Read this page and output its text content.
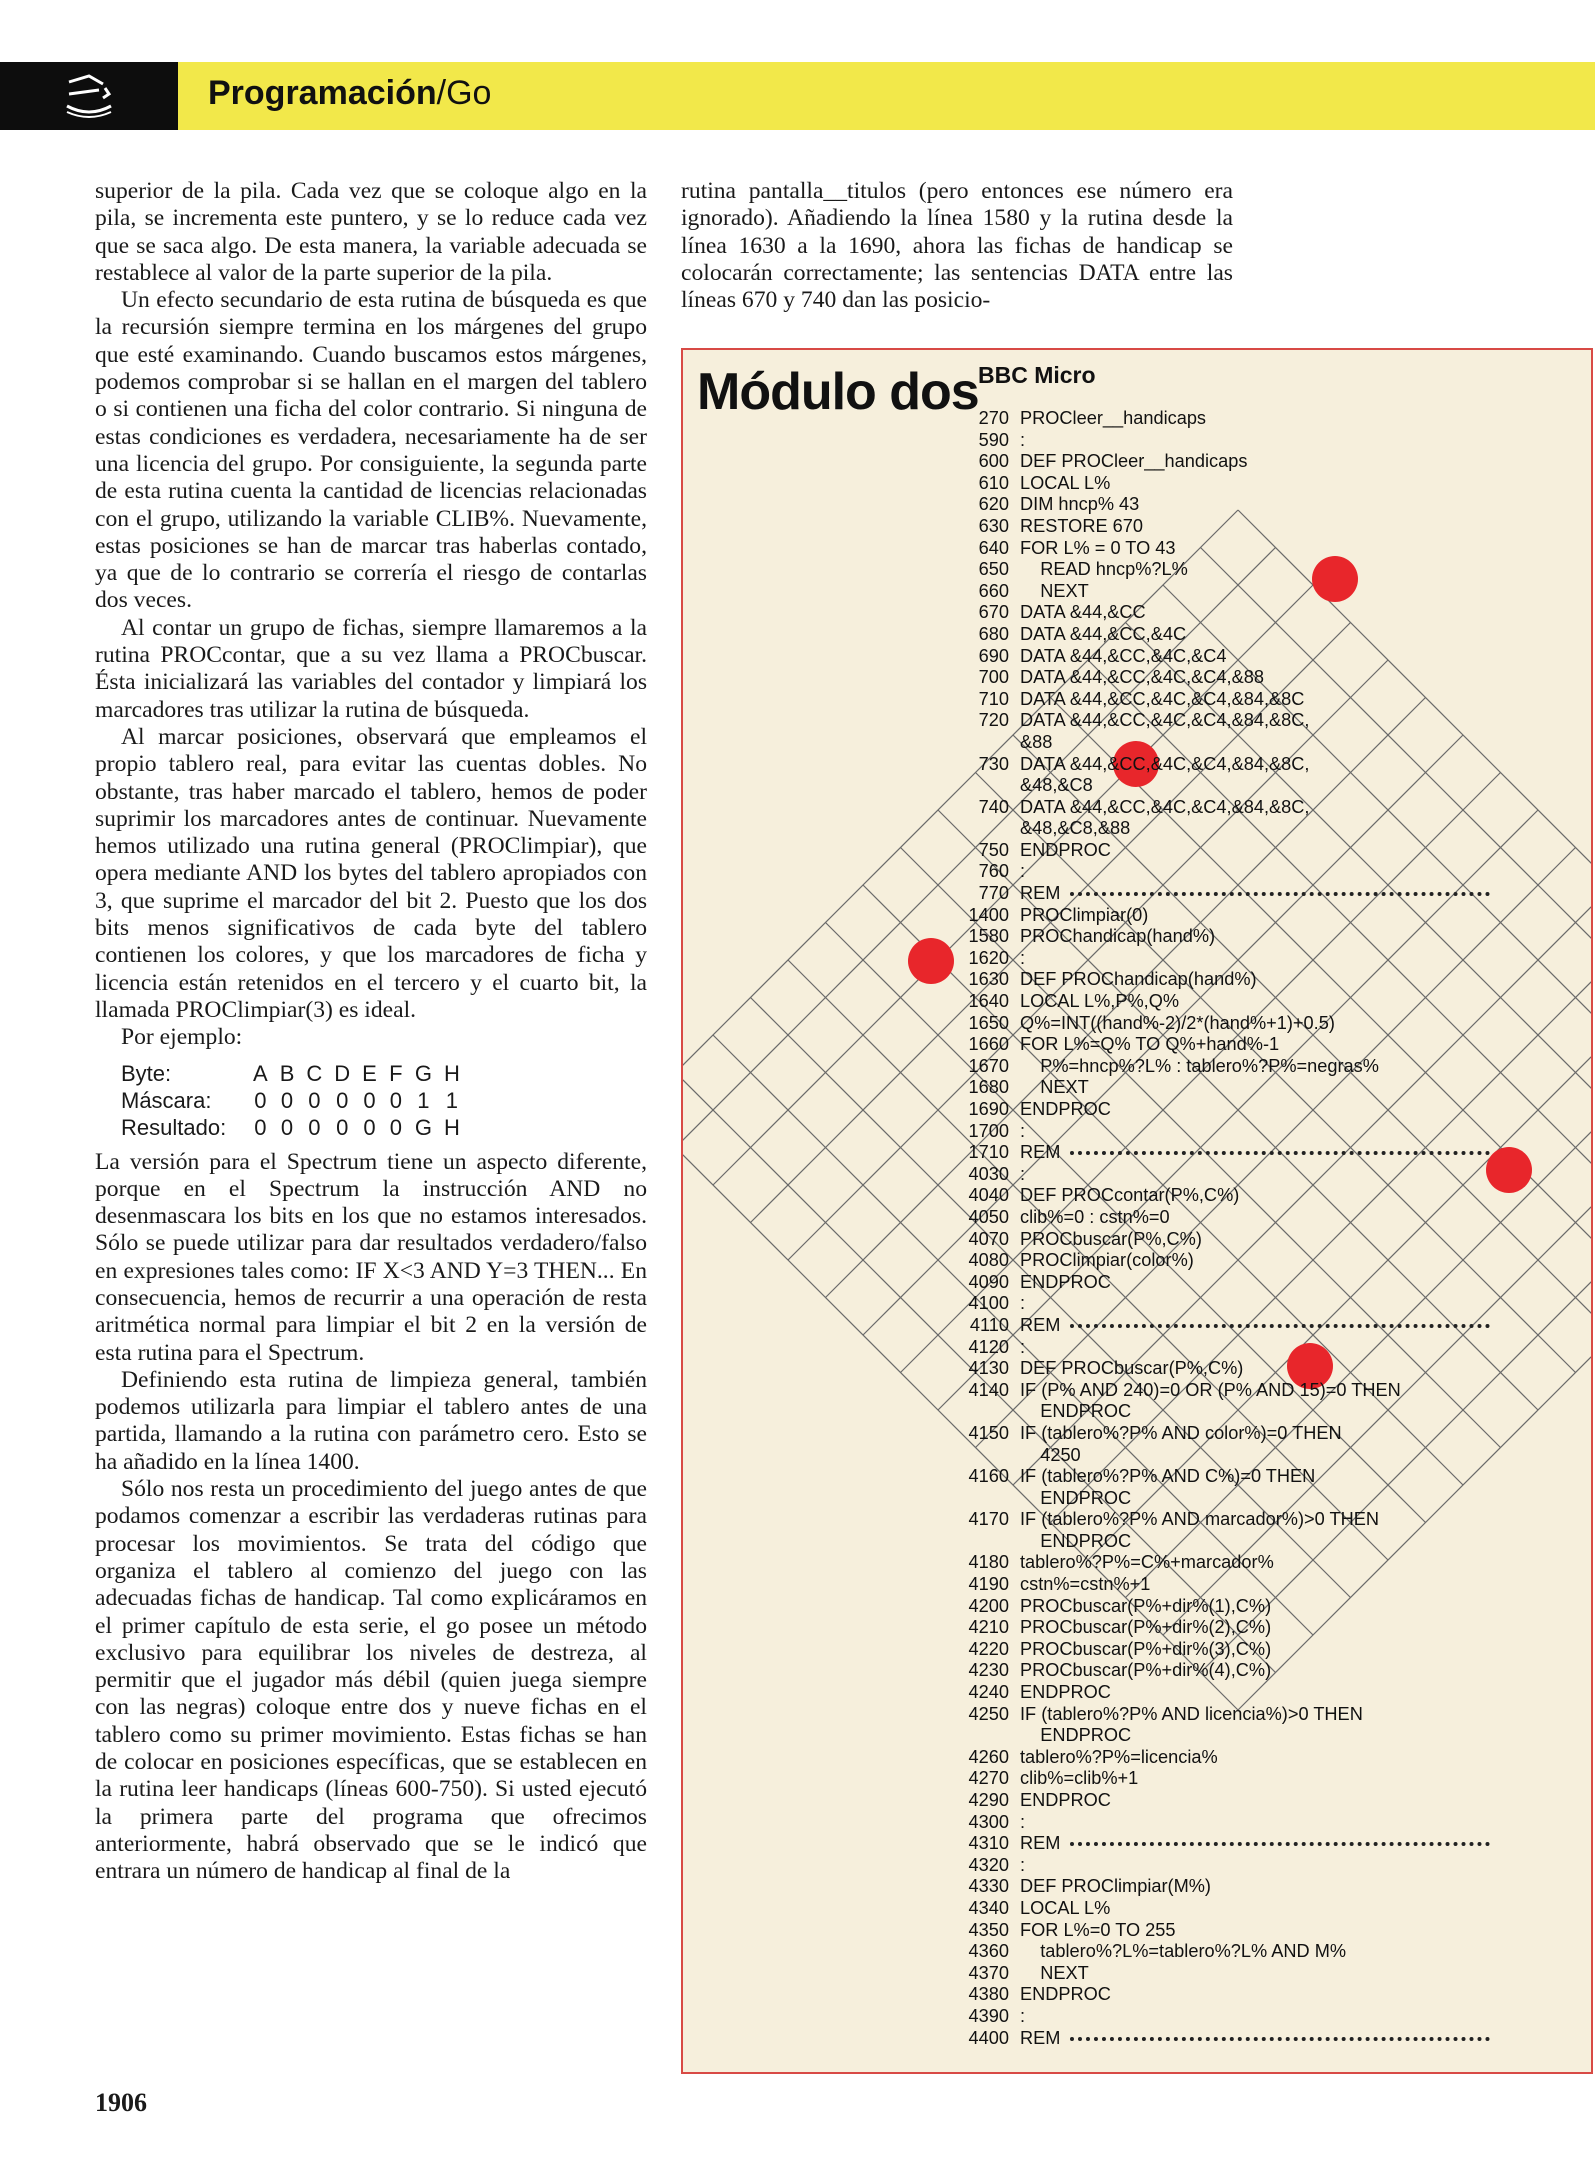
Programación/Go

superior de la pila. Cada vez que se coloque algo en la pila, se incrementa este puntero, y se lo reduce cada vez que se saca algo. De esta manera, la variable adecuada se restablece al valor de la parte superior de la pila.

Un efecto secundario de esta rutina de búsqueda es que la recursión siempre termina en los márgenes del grupo que esté examinando. Cuando buscamos estos márgenes, podemos comprobar si se hallan en el margen del tablero o si contienen una ficha del color contrario. Si ninguna de estas condiciones es verdadera, necesariamente ha de ser una licencia del grupo. Por consiguiente, la segunda parte de esta rutina cuenta la cantidad de licencias relacionadas con el grupo, utilizando la variable CLIB%. Nuevamente, estas posiciones se han de marcar tras haberlas contado, ya que de lo contrario se correría el riesgo de contarlas dos veces.

Al contar un grupo de fichas, siempre llamaremos a la rutina PROCcontar, que a su vez llama a PROCbuscar. Ésta inicializará las variables del contador y limpiará los marcadores tras utilizar la rutina de búsqueda.

Al marcar posiciones, observará que empleamos el propio tablero real, para evitar las cuentas dobles. No obstante, tras haber marcado el tablero, hemos de poder suprimir los marcadores antes de continuar. Nuevamente hemos utilizado una rutina general (PROClimpiar), que opera mediante AND los bytes del tablero apropiados con 3, que suprime el marcador del bit 2. Puesto que los dos bits menos significativos de cada byte del tablero contienen los colores, y que los marcadores de ficha y licencia están retenidos en el tercero y el cuarto bit, la llamada PROClimpiar(3) es ideal.

Por ejemplo:

Byte:	A	B	C	D	E	F	G	H
Máscara:	0	0	0	0	0	0	1	1
Resultado:	0	0	0	0	0	0	G	H

La versión para el Spectrum tiene un aspecto diferente, porque en el Spectrum la instrucción AND no desenmascara los bits en los que no estamos interesados. Sólo se puede utilizar para dar resultados verdadero/falso en expresiones tales como: IF X<3 AND Y=3 THEN... En consecuencia, hemos de recurrir a una operación de resta aritmética normal para limpiar el bit 2 en la versión de esta rutina para el Spectrum.

Definiendo esta rutina de limpieza general, también podemos utilizarla para limpiar el tablero antes de una partida, llamando a la rutina con parámetro cero. Esto se ha añadido en la línea 1400.

Sólo nos resta un procedimiento del juego antes de que podamos comenzar a escribir las verdaderas rutinas para procesar los movimientos. Se trata del código que organiza el tablero al comienzo del juego con las adecuadas fichas de handicap. Tal como explicáramos en el primer capítulo de esta serie, el go posee un método exclusivo para equilibrar los niveles de destreza, al permitir que el jugador más débil (quien juega siempre con las negras) coloque entre dos y nueve fichas en el tablero como su primer movimiento. Estas fichas se han de colocar en posiciones específicas, que se establecen en la rutina leer handicaps (líneas 600-750). Si usted ejecutó la primera parte del programa que ofrecimos anteriormente, habrá observado que se le indicó que entrara un número de handicap al final de la

rutina pantalla__titulos (pero entonces ese número era ignorado). Añadiendo la línea 1580 y la rutina desde la línea 1630 a la 1690, ahora las fichas de handicap se colocarán correctamente; las sentencias DATA entre las líneas 670 y 740 dan las posicio-

Módulo dos BBC Micro
270 PROCleer__handicaps
590 :
600 DEF PROCleer__handicaps
610 LOCAL L%
620 DIM hncp% 43
630 RESTORE 670
640 FOR L% = 0 TO 43
650 READ hncp%?L%
660 NEXT
670 DATA &44,&CC
680 DATA &44,&CC,&4C
690 DATA &44,&CC,&4C,&C4
700 DATA &44,&CC,&4C,&C4,&88
710 DATA &44,&CC,&4C,&C4,&84,&8C
720 DATA &44,&CC,&4C,&C4,&84,&8C,
&88
730 DATA &44,&CC,&4C,&C4,&84,&8C,
&48,&C8
740 DATA &44,&CC,&4C,&C4,&84,&8C,
&48,&C8,&88
750 ENDPROC
760 :
770 REM
1400 PROClimpiar(0)
1580 PROChandicap(hand%)
1620 :
1630 DEF PROChandicap(hand%)
1640 LOCAL L%,P%,Q%
1650 Q%=INT((hand%-2)/2*(hand%+1)+0.5)
1660 FOR L%=Q% TO Q%+hand%-1
1670 P%=hncp%?L% : tablero%?P%=negras%
1680 NEXT
1690 ENDPROC
1700 :
1710 REM
4030 :
4040 DEF PROCcontar(P%,C%)
4050 clib%=0 : cstn%=0
4070 PROCbuscar(P%,C%)
4080 PROClimpiar(color%)
4090 ENDPROC
4100 :
4110 REM
4120 :
4130 DEF PROCbuscar(P%,C%)
4140 IF (P% AND 240)=0 OR (P% AND 15)=0 THEN
ENDPROC
4150 IF (tablero%?P% AND color%)=0 THEN
4250
4160 IF (tablero%?P% AND C%)=0 THEN
ENDPROC
4170 IF (tablero%?P% AND marcador%)>0 THEN
ENDPROC
4180 tablero%?P%=C%+marcador%
4190 cstn%=cstn%+1
4200 PROCbuscar(P%+dir%(1),C%)
4210 PROCbuscar(P%+dir%(2),C%)
4220 PROCbuscar(P%+dir%(3),C%)
4230 PROCbuscar(P%+dir%(4),C%)
4240 ENDPROC
4250 IF (tablero%?P% AND licencia%)>0 THEN
ENDPROC
4260 tablero%?P%=licencia%
4270 clib%=clib%+1
4290 ENDPROC
4300 :
4310 REM
4320 :
4330 DEF PROClimpiar(M%)
4340 LOCAL L%
4350 FOR L%=0 TO 255
4360 tablero%?L%=tablero%?L% AND M%
4370 NEXT
4380 ENDPROC
4390 :
4400 REM
1906
